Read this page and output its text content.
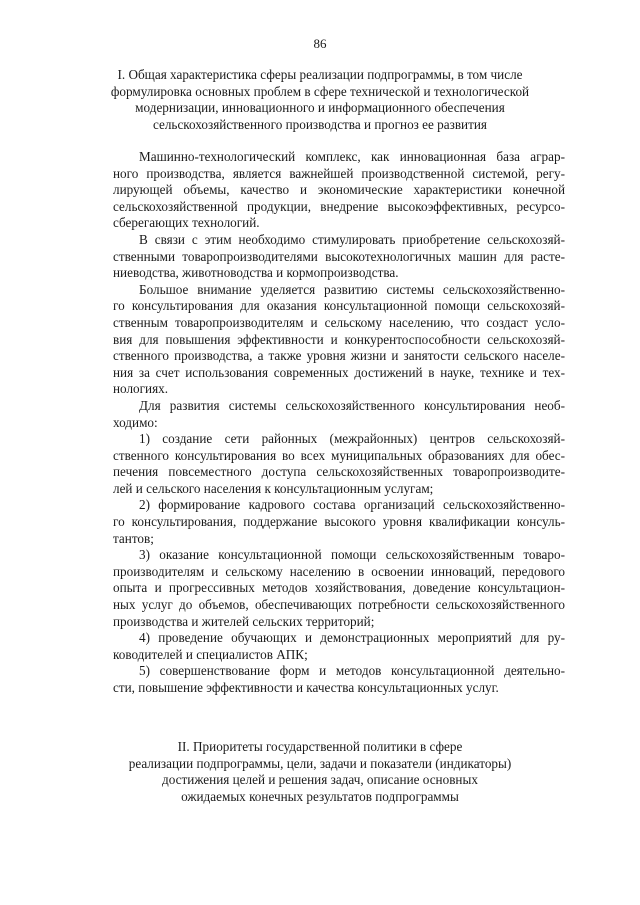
86
I. Общая характеристика сферы реализации подпрограммы, в том числе
формулировка основных проблем в сфере технической и технологической
модернизации, инновационного и информационного обеспечения
сельскохозяйственного производства и прогноз ее развития
Машинно-технологический комплекс, как инновационная база аграр-
ного производства, является важнейшей производственной системой, регу-
лирующей объемы, качество и экономические характеристики конечной
сельскохозяйственной продукции, внедрение высокоэффективных, ресурсо-
сберегающих технологий.
В связи с этим необходимо стимулировать приобретение сельскохозяй-
ственными товаропроизводителями высокотехнологичных машин для расте-
ниеводства, животноводства и кормопроизводства.
Большое внимание уделяется развитию системы сельскохозяйственно-
го консультирования для оказания консультационной помощи сельскохозяй-
ственным товаропроизводителям и сельскому населению, что создаст усло-
вия для повышения эффективности и конкурентоспособности сельскохозяй-
ственного производства, а также уровня жизни и занятости сельского населе-
ния за счет использования современных достижений в науке, технике и тех-
нологиях.
Для развития системы сельскохозяйственного консультирования необ-
ходимо:
1) создание сети районных (межрайонных) центров сельскохозяй-
ственного консультирования во всех муниципальных образованиях для обес-
печения повсеместного доступа сельскохозяйственных товаропроизводите-
лей и сельского населения к консультационным услугам;
2) формирование кадрового состава организаций сельскохозяйственно-
го консультирования, поддержание высокого уровня квалификации консуль-
тантов;
3) оказание консультационной помощи сельскохозяйственным товаро-
производителям и сельскому населению в освоении инноваций, передового
опыта и прогрессивных методов хозяйствования, доведение консультацион-
ных услуг до объемов, обеспечивающих потребности сельскохозяйственного
производства и жителей сельских территорий;
4) проведение обучающих и демонстрационных мероприятий для ру-
ководителей и специалистов АПК;
5) совершенствование форм и методов консультационной деятельно-
сти, повышение эффективности и качества консультационных услуг.
II. Приоритеты государственной политики в сфере
реализации подпрограммы, цели, задачи и показатели (индикаторы)
достижения целей и решения задач, описание основных
ожидаемых конечных результатов подпрограммы
